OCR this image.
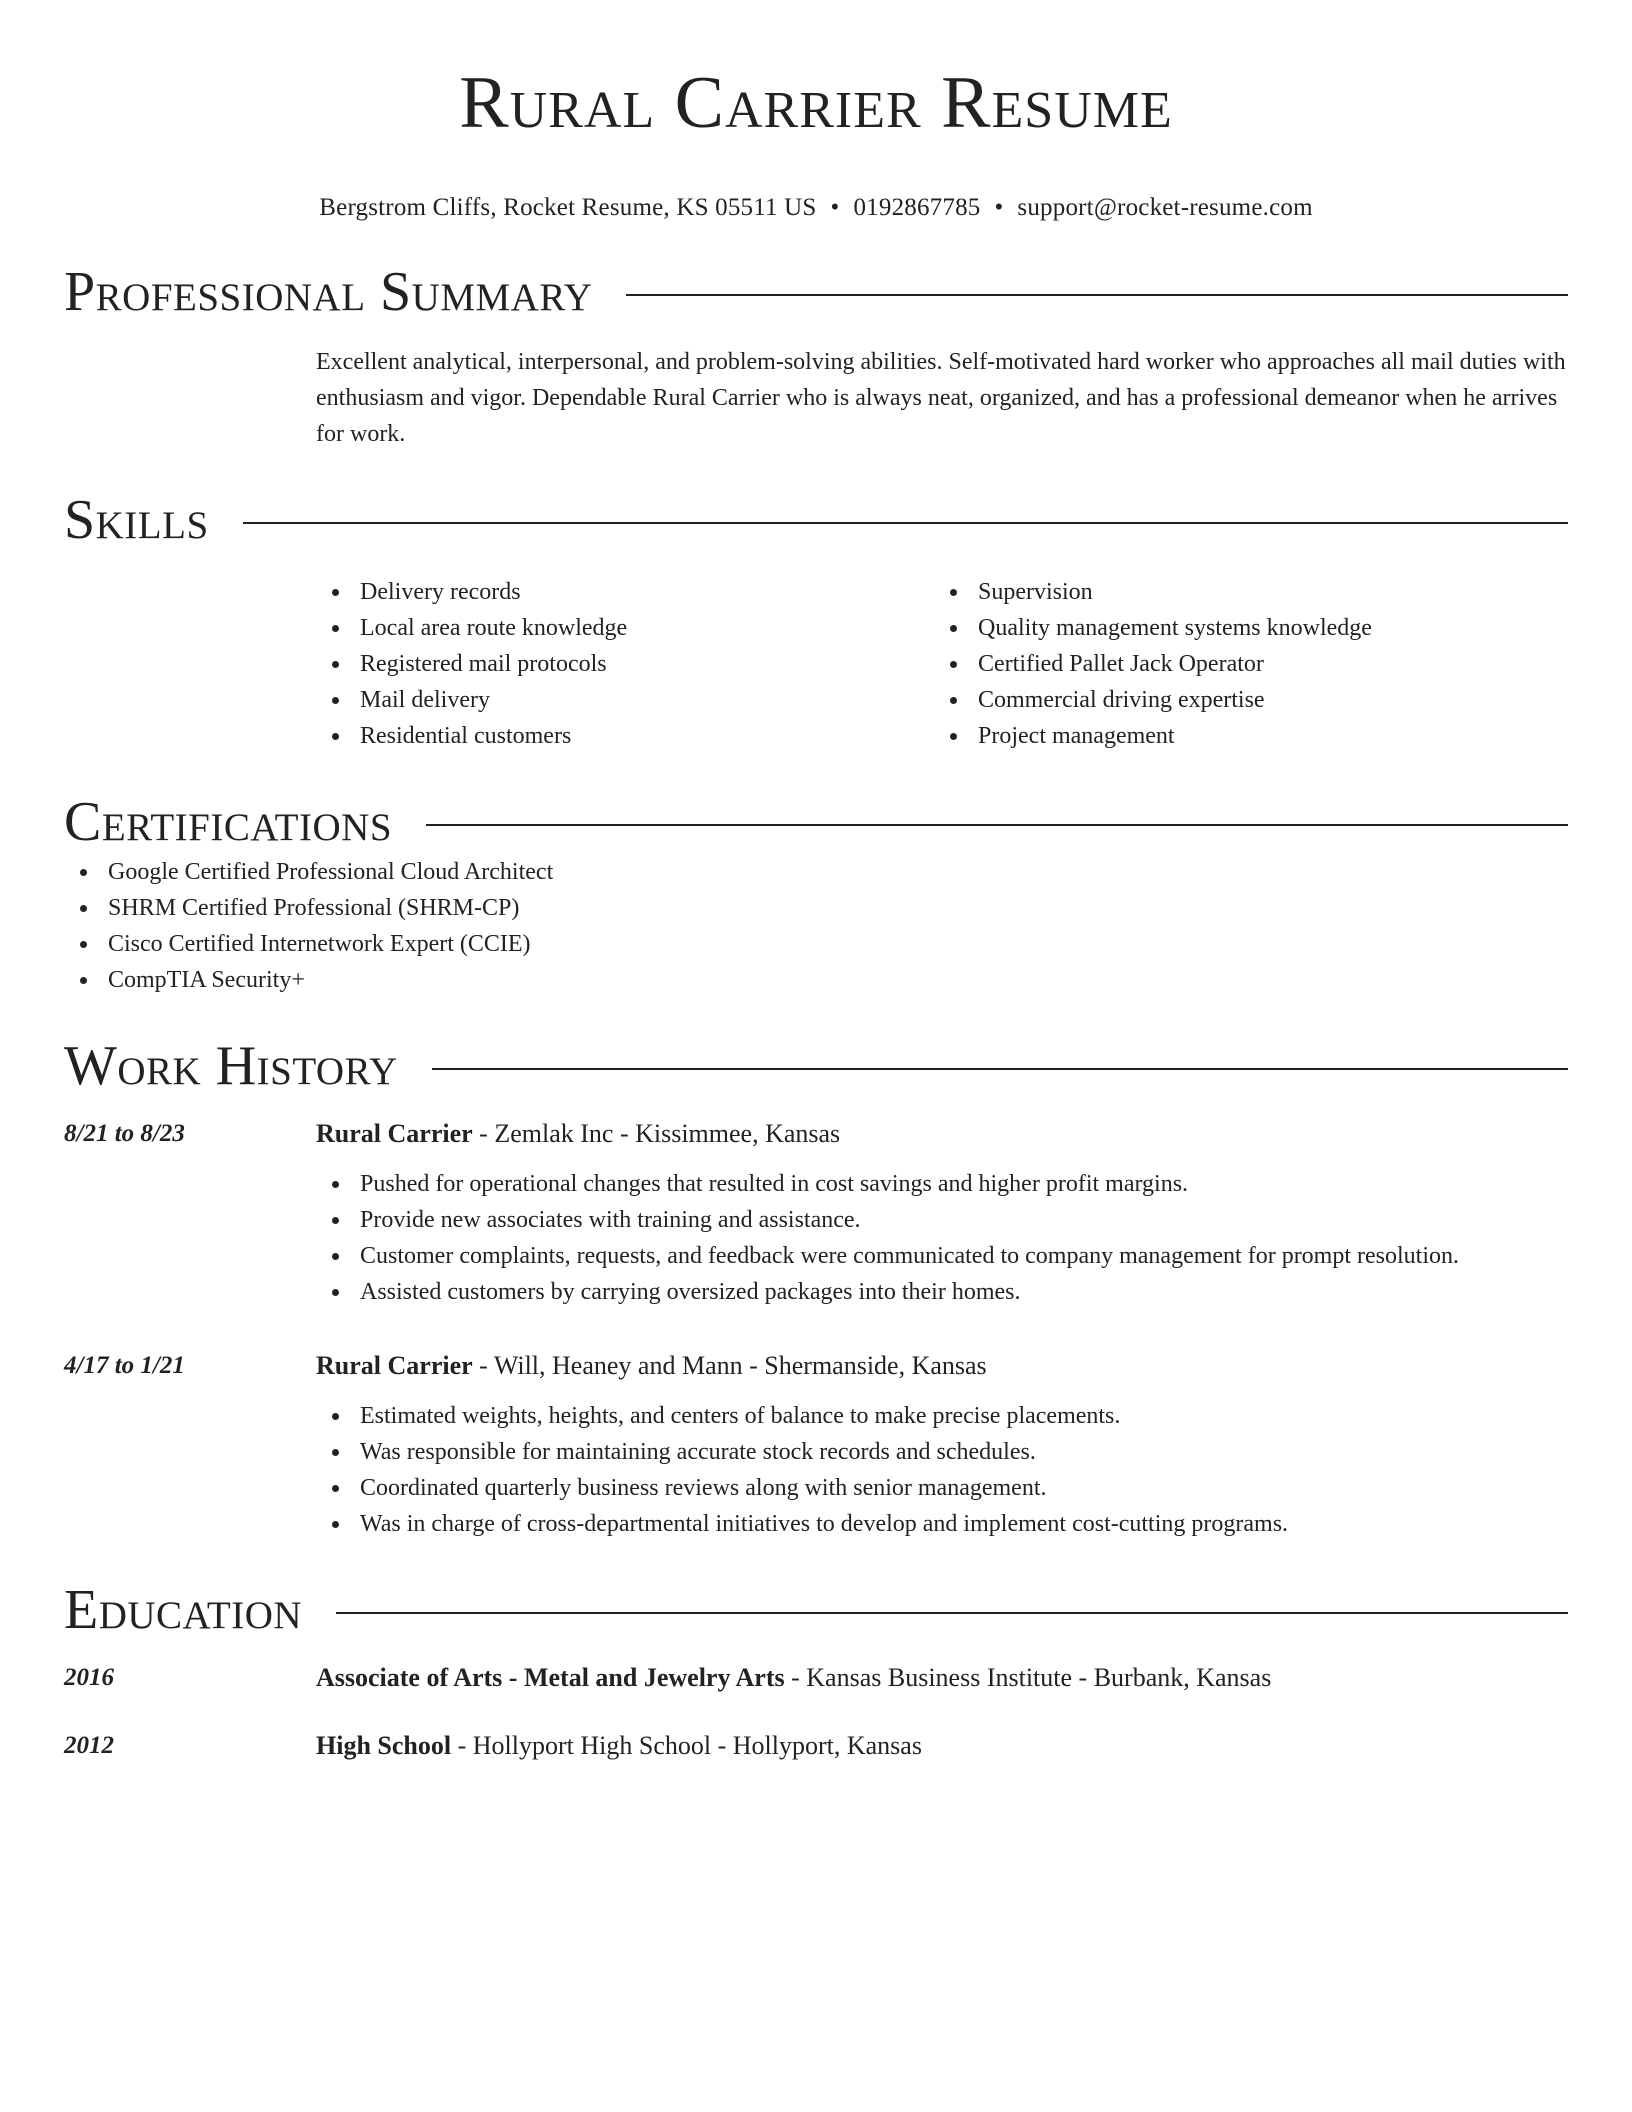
Rural Carrier Resume
Bergstrom Cliffs, Rocket Resume, KS 05511 US • 0192867785 • support@rocket-resume.com
Professional Summary
Excellent analytical, interpersonal, and problem-solving abilities. Self-motivated hard worker who approaches all mail duties with enthusiasm and vigor. Dependable Rural Carrier who is always neat, organized, and has a professional demeanor when he arrives for work.
Skills
Delivery records
Local area route knowledge
Registered mail protocols
Mail delivery
Residential customers
Supervision
Quality management systems knowledge
Certified Pallet Jack Operator
Commercial driving expertise
Project management
Certifications
Google Certified Professional Cloud Architect
SHRM Certified Professional (SHRM-CP)
Cisco Certified Internetwork Expert (CCIE)
CompTIA Security+
Work History
8/21 to 8/23	Rural Carrier - Zemlak Inc - Kissimmee, Kansas
Pushed for operational changes that resulted in cost savings and higher profit margins.
Provide new associates with training and assistance.
Customer complaints, requests, and feedback were communicated to company management for prompt resolution.
Assisted customers by carrying oversized packages into their homes.
4/17 to 1/21	Rural Carrier - Will, Heaney and Mann - Shermanside, Kansas
Estimated weights, heights, and centers of balance to make precise placements.
Was responsible for maintaining accurate stock records and schedules.
Coordinated quarterly business reviews along with senior management.
Was in charge of cross-departmental initiatives to develop and implement cost-cutting programs.
Education
2016	Associate of Arts - Metal and Jewelry Arts - Kansas Business Institute - Burbank, Kansas
2012	High School - Hollyport High School - Hollyport, Kansas
